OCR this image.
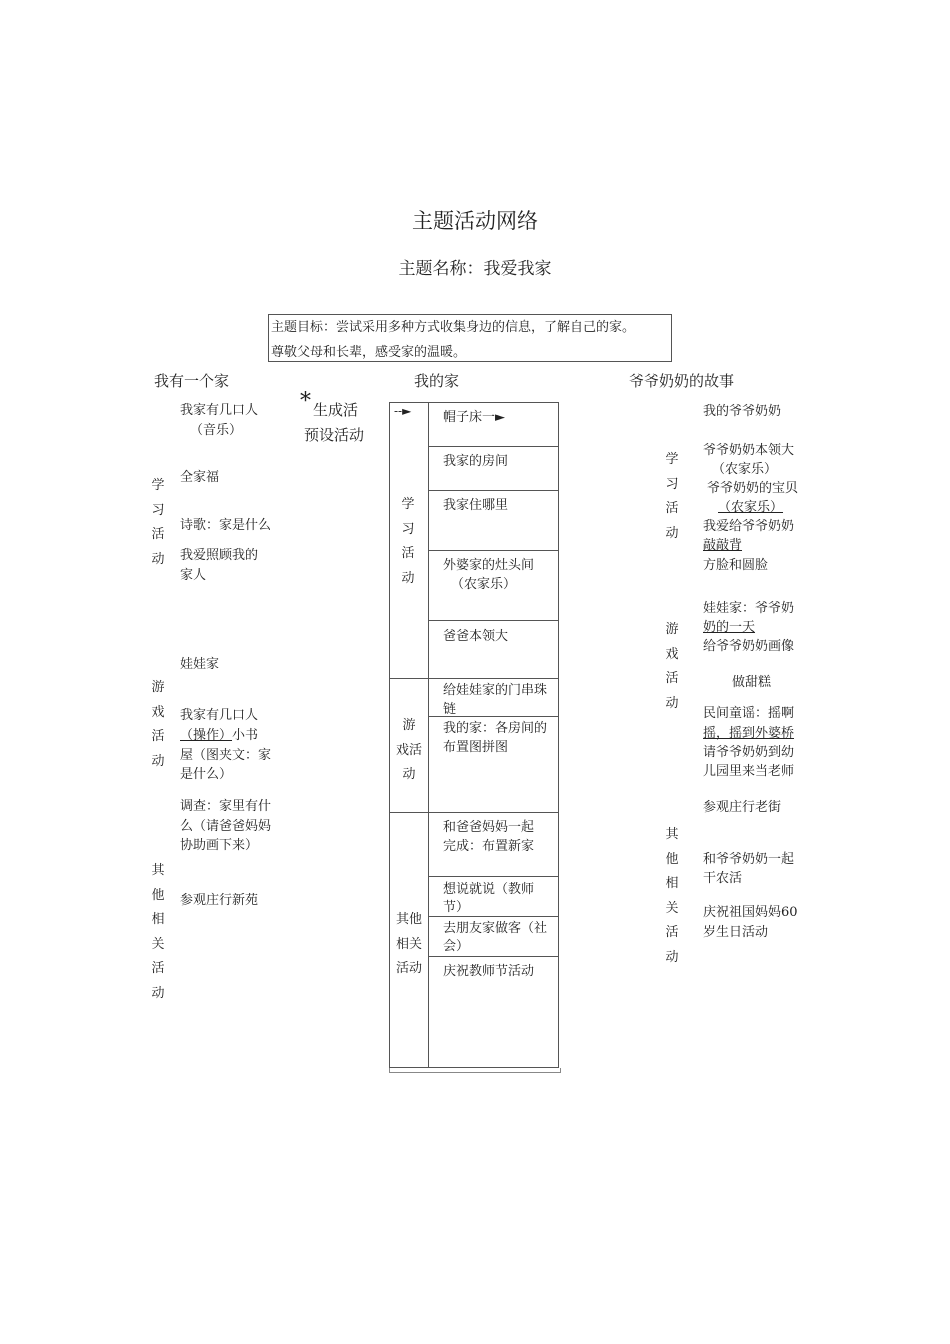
主题活动网络
主题名称：我爱我家
主题目标：尝试采用多种方式收集身边的信息，了解自己的家。
尊敬父母和长辈，感受家的温暖。
我有一个家	我的家	爷爷奶奶的故事
学
习
活
动
我家有几口人
（音乐）
全家福
诗歌：家是什么
我爱照顾我的
家人
游
戏
活
动
娃娃家
我家有几口人
（操作）小书
屋（图夹文：家
是什么）
其
他
相
关
活
动
调查：家里有什
么（请爸爸妈妈
协助画下来）
参观庄行新苑
* 生成活
预设活动
--►
学
习
活
动
帽子床一►
我家的房间
我家住哪里
外婆家的灶头间
（农家乐）
爸爸本领大
游
戏活
动
给娃娃家的门串珠
链
我的家：各房间的
布置图拼图
其他
相关
活动
和爸爸妈妈一起
完成：布置新家
想说就说（教师
节）
去朋友家做客（社
会）
庆祝教师节活动
学
习
活
动
我的爷爷奶奶
爷爷奶奶本领大
（农家乐）
爷爷奶奶的宝贝
（农家乐）
我爱给爷爷奶奶
敲敲背
方脸和圆脸
游
戏
活
动
娃娃家：爷爷奶
奶的一天
给爷爷奶奶画像
做甜糕
民间童谣：摇啊
摇，摇到外婆桥
请爷爷奶奶到幼
儿园里来当老师
其
他
相
关
活
动
参观庄行老街
和爷爷奶奶一起
干农活
庆祝祖国妈妈60
岁生日活动
